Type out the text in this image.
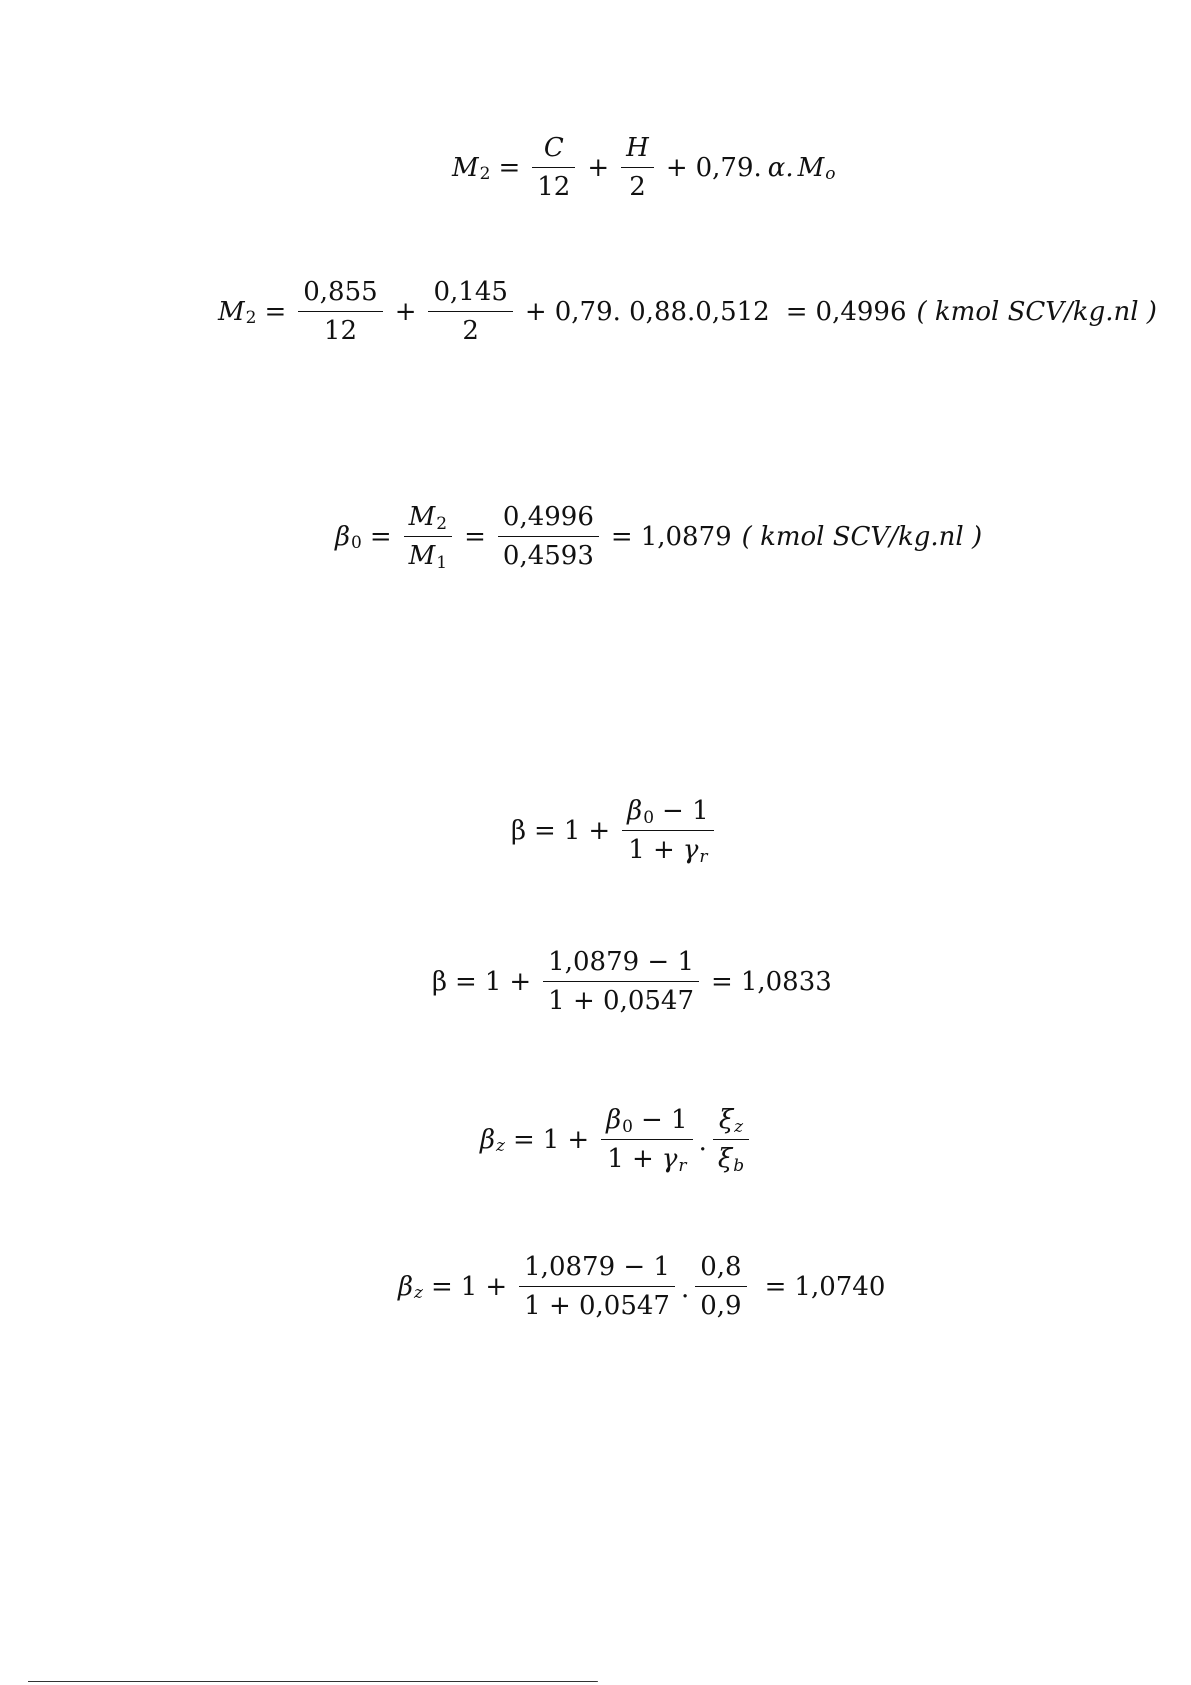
M $2 = \frac{C}{12} + \frac{H}{2} + 0,79$. α. M o
M $2 = \frac{0,855}{12} + \frac{0,145}{2} + 0,79$. 0,88.0,512 = 0,4996 ( kmol SCV/kg.nl )
β $0 = \frac{M 2}{M 1} = \frac{0,4996}{0,4593} = 1,0879$ ( kmol SCV/kg.nl )
$\beta = 1 + \frac{\beta 0 - 1}{\text{1 + γ r}}$
$\beta = 1 + \frac{1,0879 - 1}{1 + 0,0547} = 1,0833$
β $z = 1 + \frac{\beta 0 - 1}{\text{1 + γ r}} \cdot \frac{\text{ξ z}}{\text{ξ b}}$
β $z = 1 + \frac{1,0879 - 1}{1 + 0,0547} \cdot \frac{0,8}{0,9} = 1,0740$
.
